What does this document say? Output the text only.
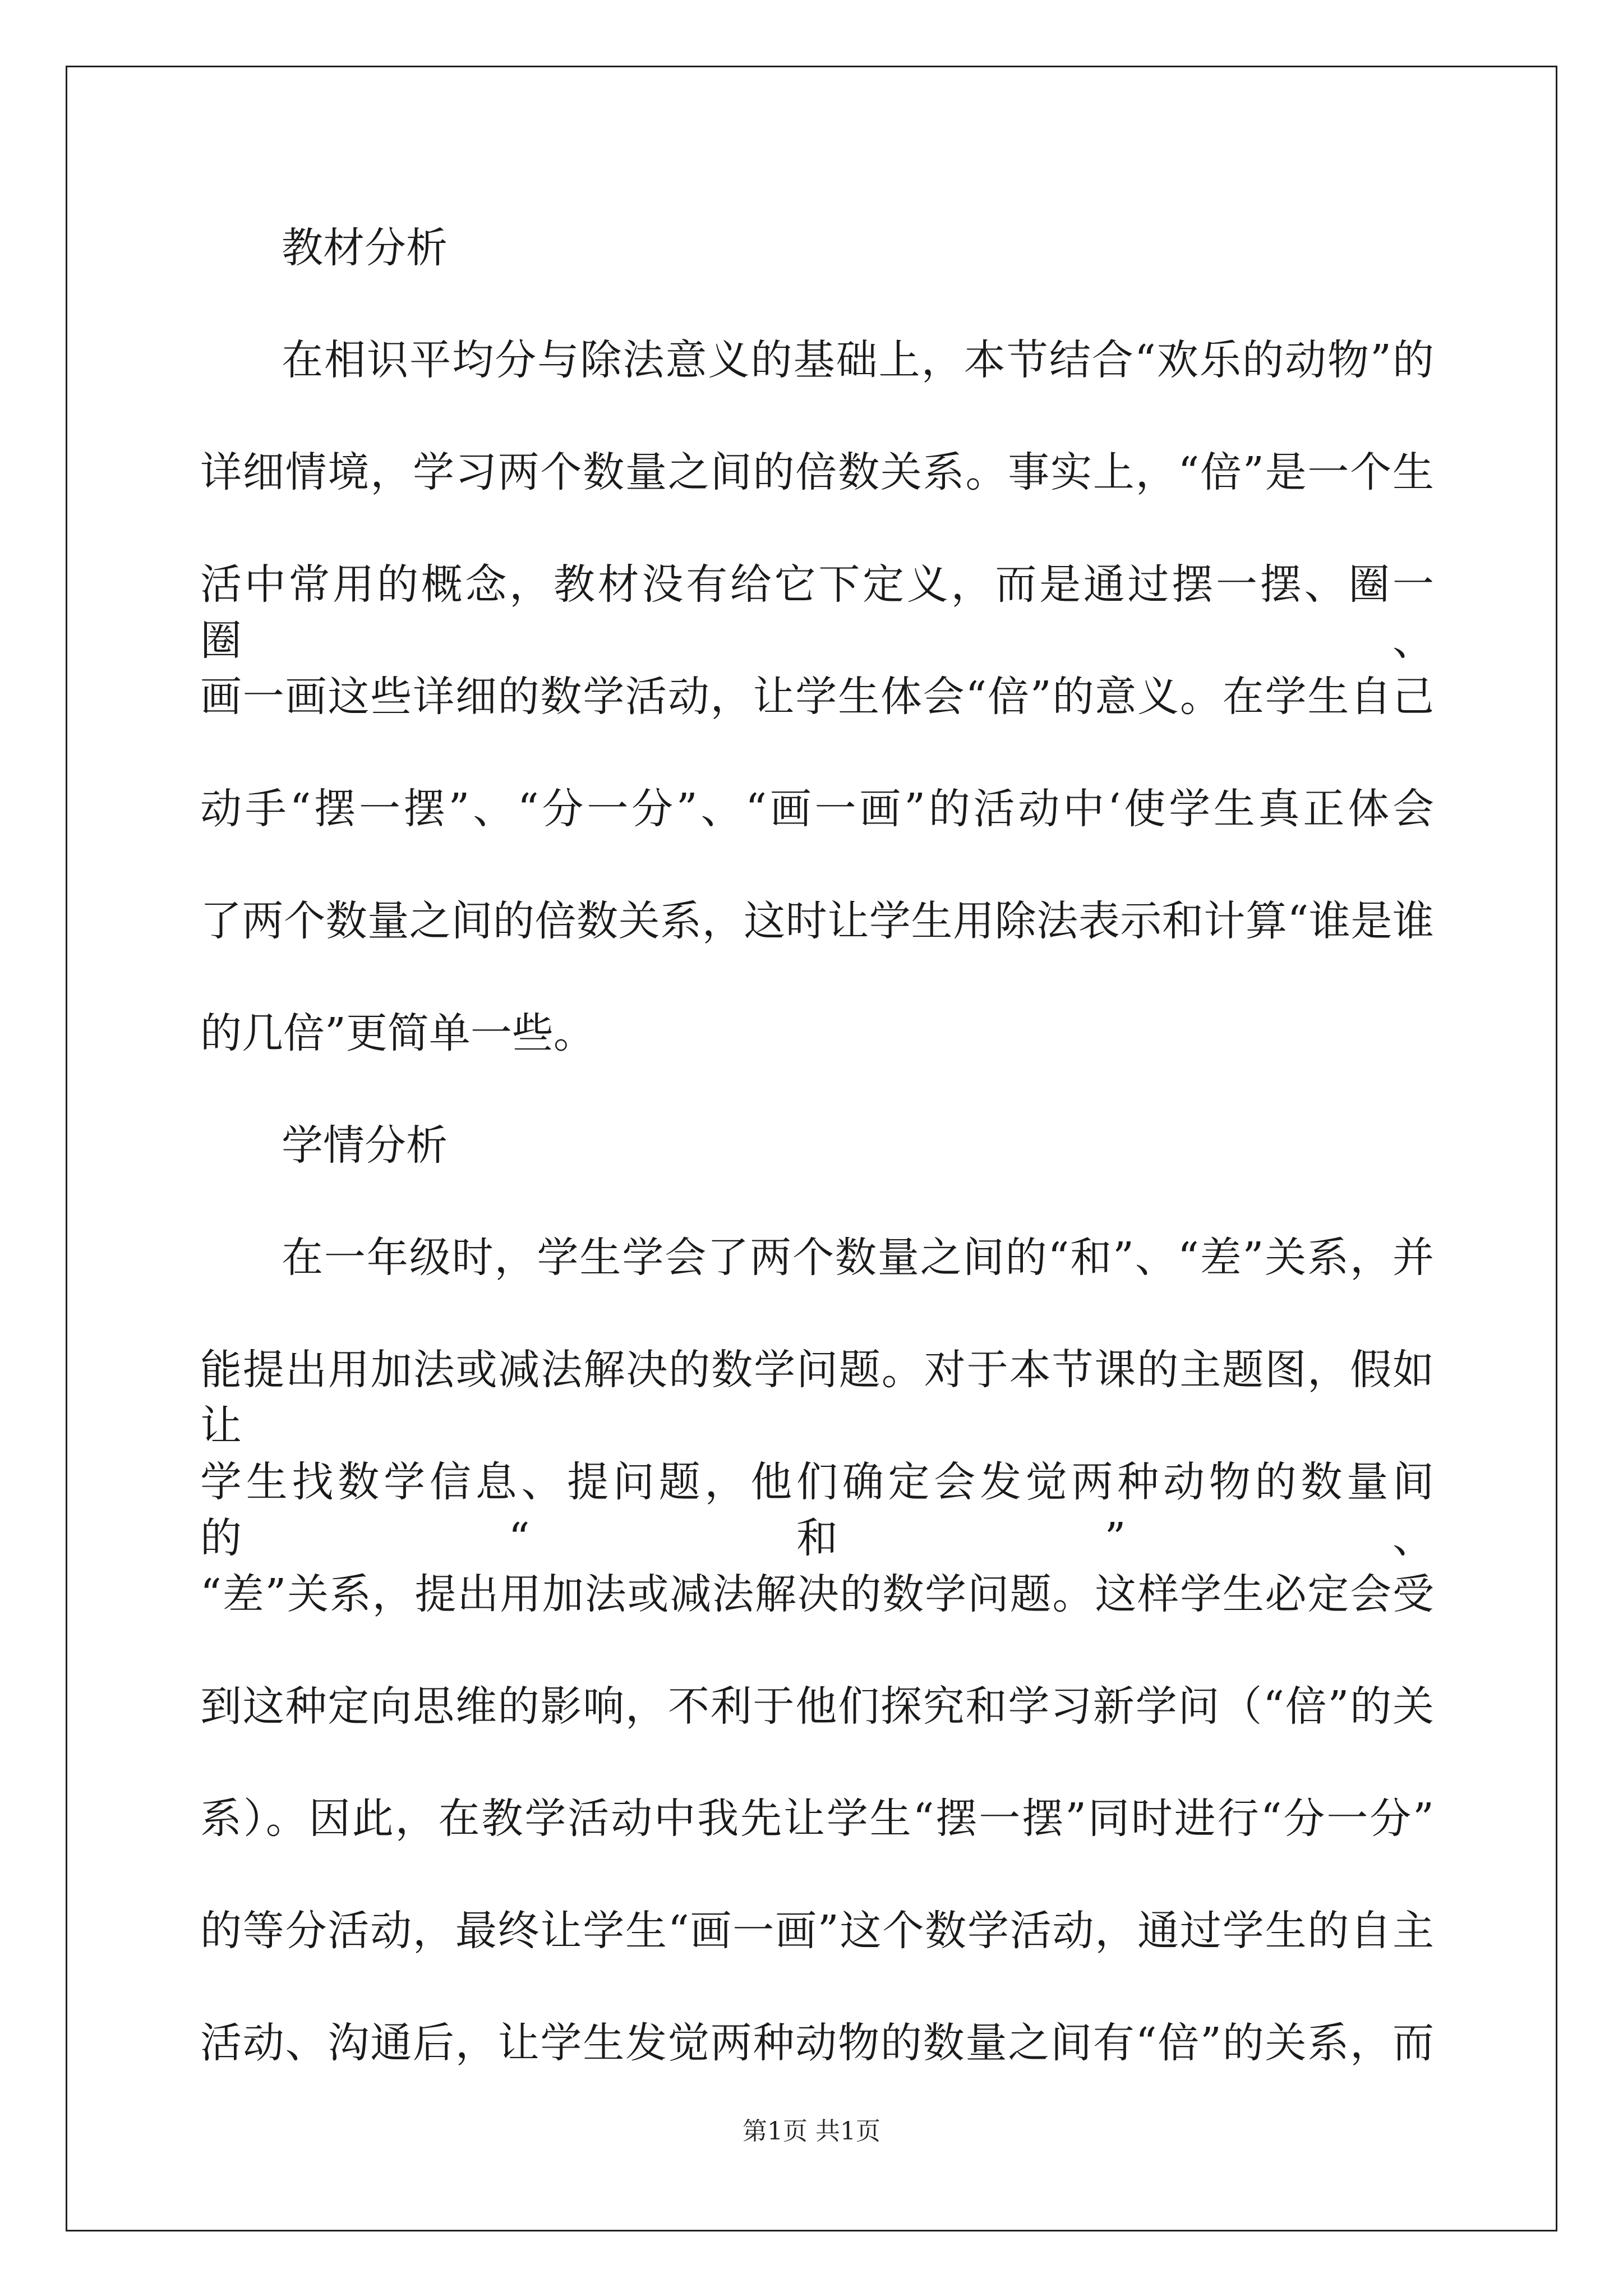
教材分析
在相识平均分与除法意义的基础上，本节结合“欢乐的动物”的
详细情境，学习两个数量之间的倍数关系。事实上，“倍”是一个生
活中常用的概念，教材没有给它下定义，而是通过摆一摆、圈一圈、
画一画这些详细的数学活动，让学生体会“倍”的意义。在学生自己
动手“摆一摆”、“分一分”、“画一画”的活动中‘使学生真正体会
了两个数量之间的倍数关系，这时让学生用除法表示和计算“谁是谁
的几倍”更简单一些。
学情分析
在一年级时，学生学会了两个数量之间的“和”、“差”关系，并
能提出用加法或减法解决的数学问题。对于本节课的主题图，假如让
学生找数学信息、提问题，他们确定会发觉两种动物的数量间的“和”、
“差”关系，提出用加法或减法解决的数学问题。这样学生必定会受
到这种定向思维的影响，不利于他们探究和学习新学问（“倍”的关
系）。因此，在教学活动中我先让学生“摆一摆”同时进行“分一分”
的等分活动，最终让学生“画一画”这个数学活动，通过学生的自主
活动、沟通后，让学生发觉两种动物的数量之间有“倍”的关系，而
第1页 共1页
